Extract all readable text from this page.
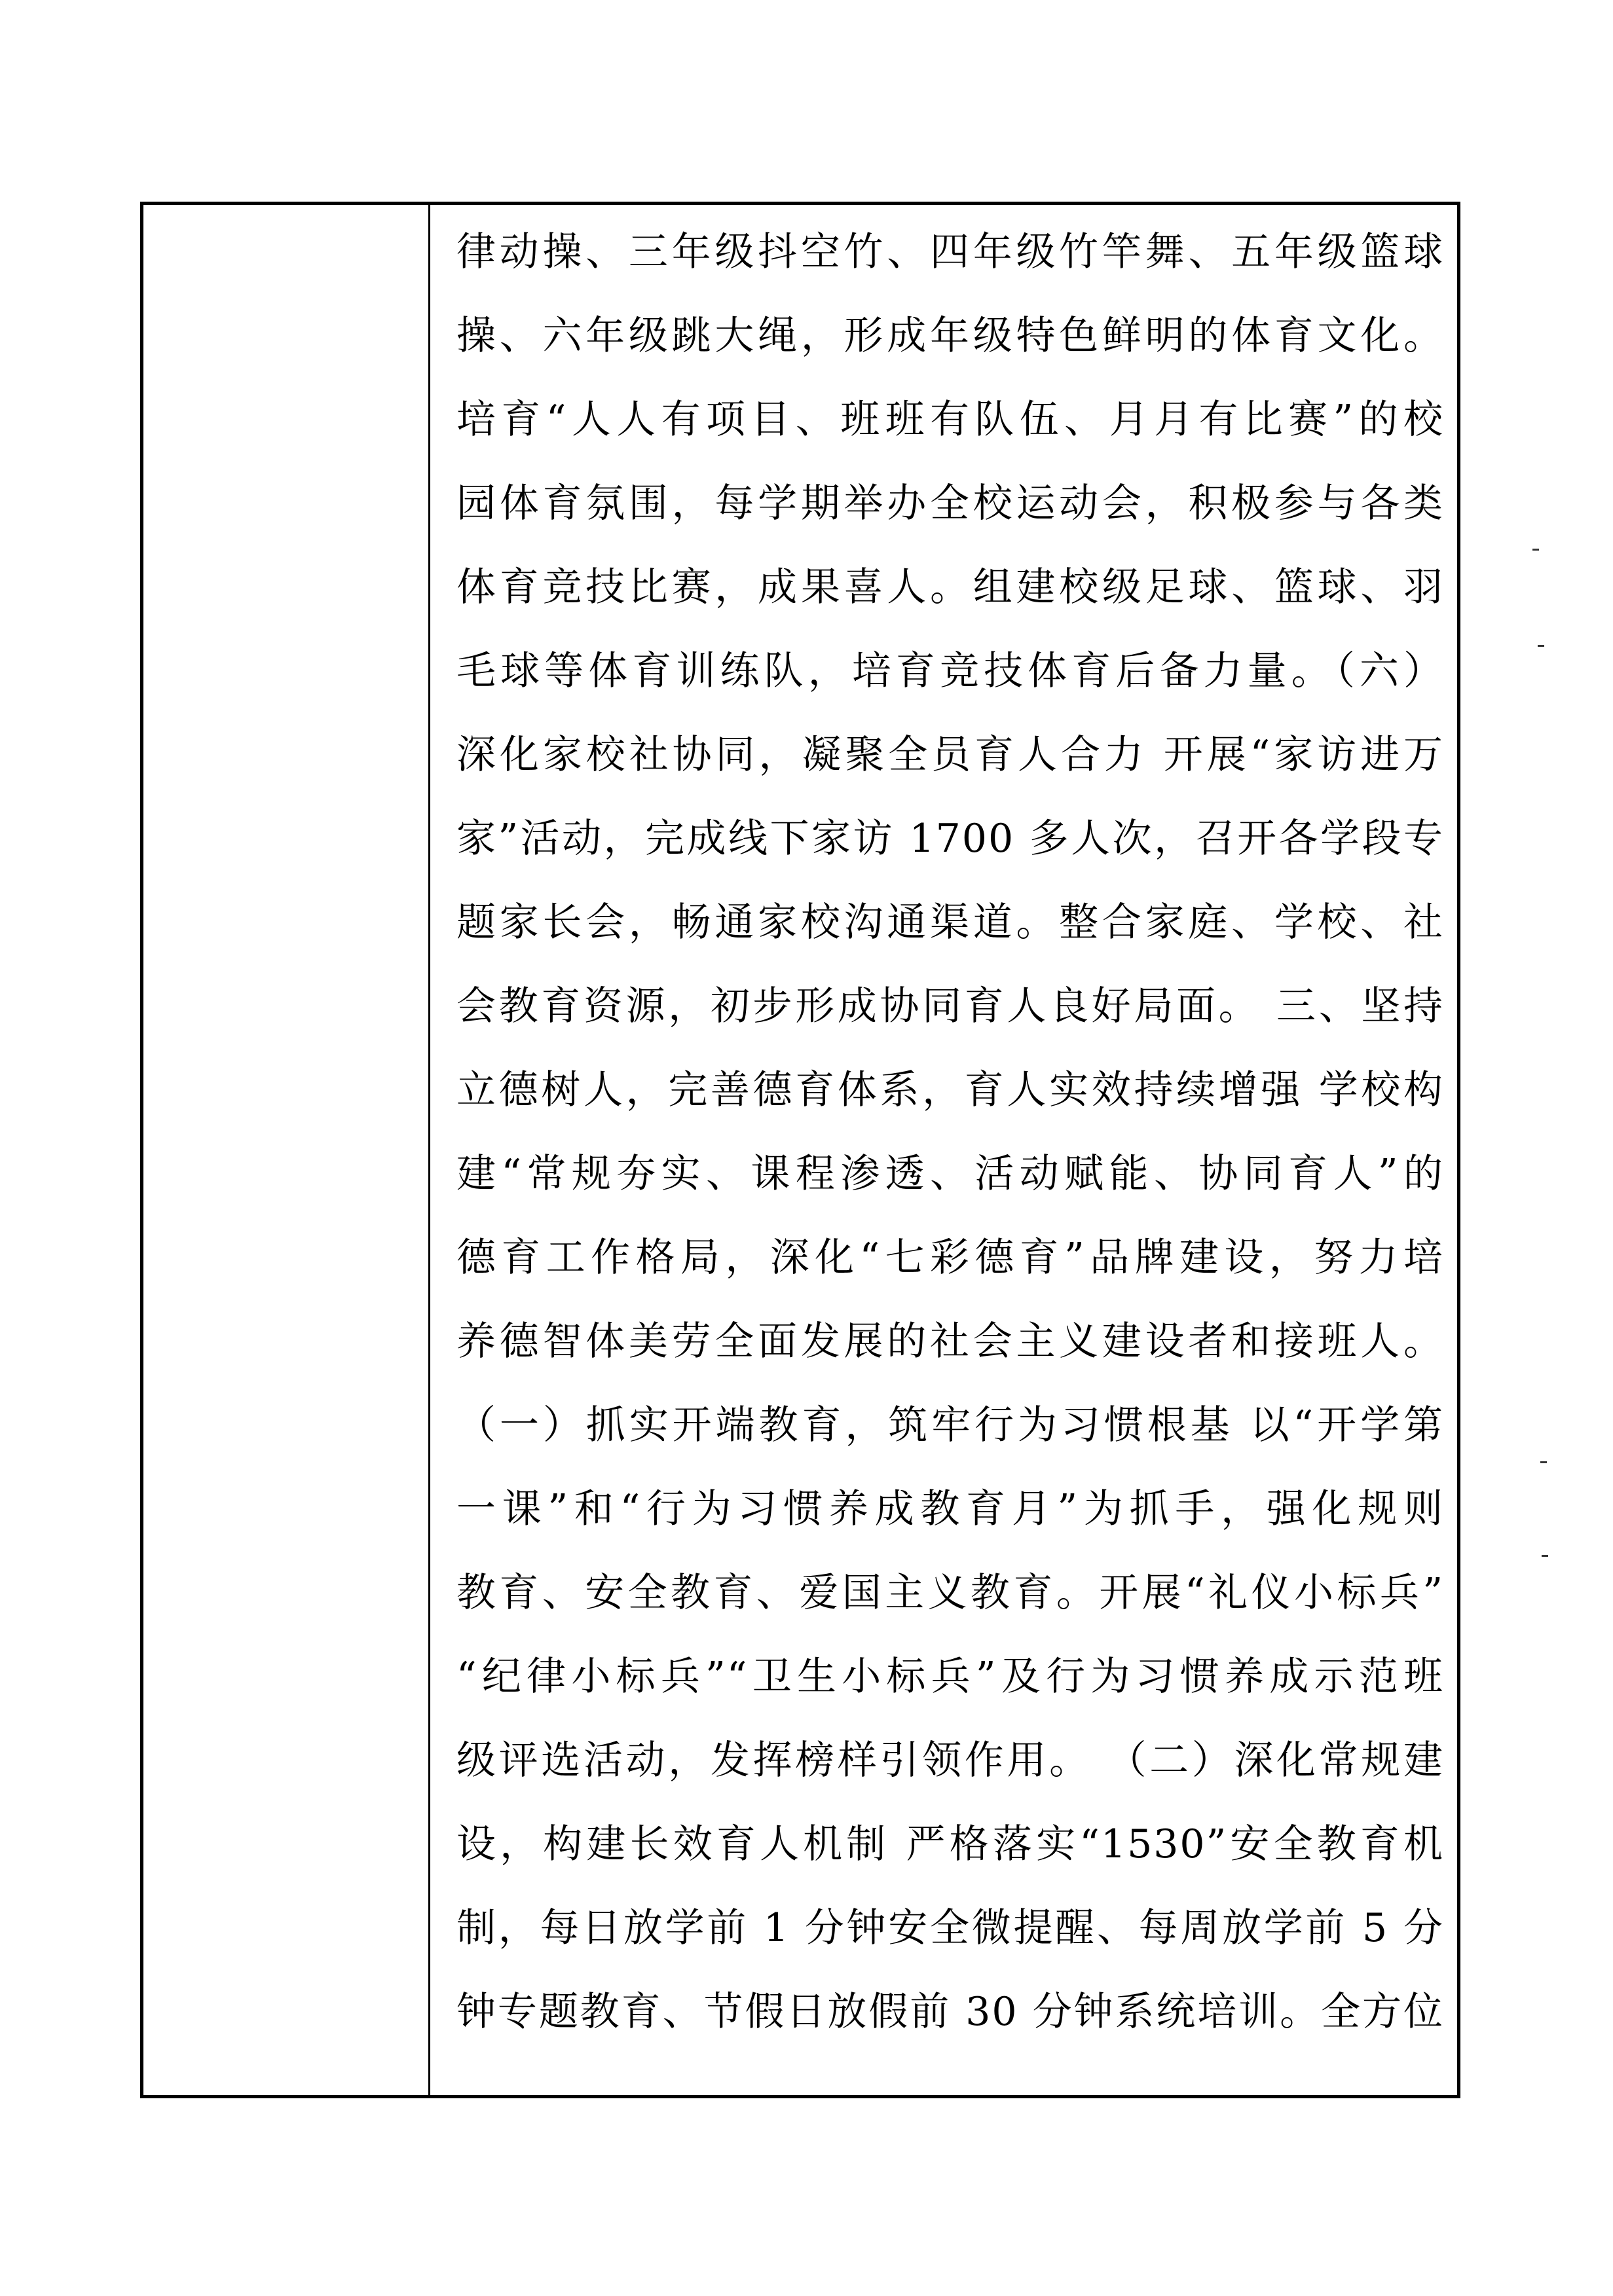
律动操、三年级抖空竹、四年级竹竿舞、五年级篮球
操、六年级跳大绳，形成年级特色鲜明的体育文化。
培育“人人有项目、班班有队伍、月月有比赛”的校
园体育氛围，每学期举办全校运动会，积极参与各类
体育竞技比赛，成果喜人。组建校级足球、篮球、羽
毛球等体育训练队，培育竞技体育后备力量。（六）
深化家校社协同，凝聚全员育人合力 开展“家访进万
家”活动，完成线下家访 1700 多人次，召开各学段专
题家长会，畅通家校沟通渠道。整合家庭、学校、社
会教育资源，初步形成协同育人良好局面。 三、坚持
立德树人，完善德育体系，育人实效持续增强 学校构
建“常规夯实、课程渗透、活动赋能、协同育人”的
德育工作格局，深化“七彩德育”品牌建设，努力培
养德智体美劳全面发展的社会主义建设者和接班人。
（一）抓实开端教育，筑牢行为习惯根基 以“开学第
一课”和“行为习惯养成教育月”为抓手，强化规则
教育、安全教育、爱国主义教育。开展“礼仪小标兵”
“纪律小标兵”“卫生小标兵”及行为习惯养成示范班
级评选活动，发挥榜样引领作用。 （二）深化常规建
设，构建长效育人机制 严格落实“1530”安全教育机
制，每日放学前 1 分钟安全微提醒、每周放学前 5 分
钟专题教育、节假日放假前 30 分钟系统培训。全方位
